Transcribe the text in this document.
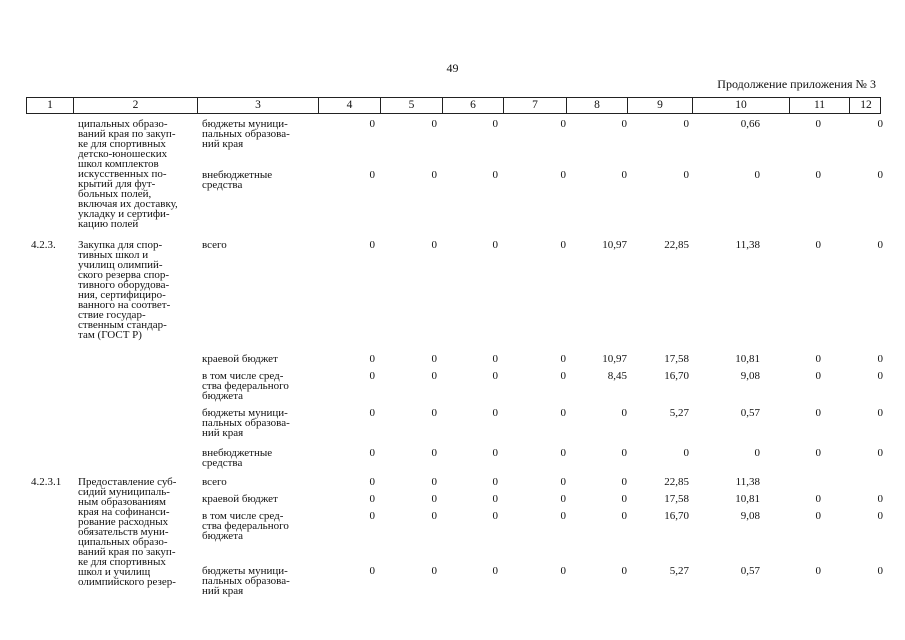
49
Продолжение приложения № 3
1	2	3	4	5	6	7	8	9	10	11	12
ципальных образо-
ваний края по закуп-
ке для спортивных
детско-юношеских
школ комплектов
искусственных по-
крытий для фут-
больных полей,
включая их доставку,
укладку и сертифи-
кацию полей
бюджеты муници-
пальных образова-
ний края
0	0	0	0	0	0	0,66	0	0
внебюджетные
средства
0	0	0	0	0	0	0	0	0
4.2.3. Закупка для спор-
тивных школ и
училищ олимпий-
ского резерва спор-
тивного оборудова-
ния, сертифициро-
ванного на соответ-
ствие государ-
ственным стандар-
там (ГОСТ Р)
всего	0	0	0	0	10,97	22,85	11,38	0	0
краевой бюджет	0	0	0	0	10,97	17,58	10,81	0	0
в том числе сред-
ства федерального
бюджета
0	0	0	0	8,45	16,70	9,08	0	0
бюджеты муници-
пальных образова-
ний края
0	0	0	0	0	5,27	0,57	0	0
внебюджетные
средства
0	0	0	0	0	0	0	0	0
4.2.3.1 Предоставление суб-
сидий муниципаль-
ным образованиям
края на софинанси-
рование расходных
обязательств муни-
ципальных образо-
ваний края по закуп-
ке для спортивных
школ и училищ
олимпийского резер-
всего	0	0	0	0	0	22,85	11,38
краевой бюджет	0	0	0	0	0	17,58	10,81	0	0
в том числе сред-
ства федерального
бюджета
0	0	0	0	0	16,70	9,08	0	0
бюджеты муници-
пальных образова-
ний края
0	0	0	0	0	5,27	0,57	0	0
